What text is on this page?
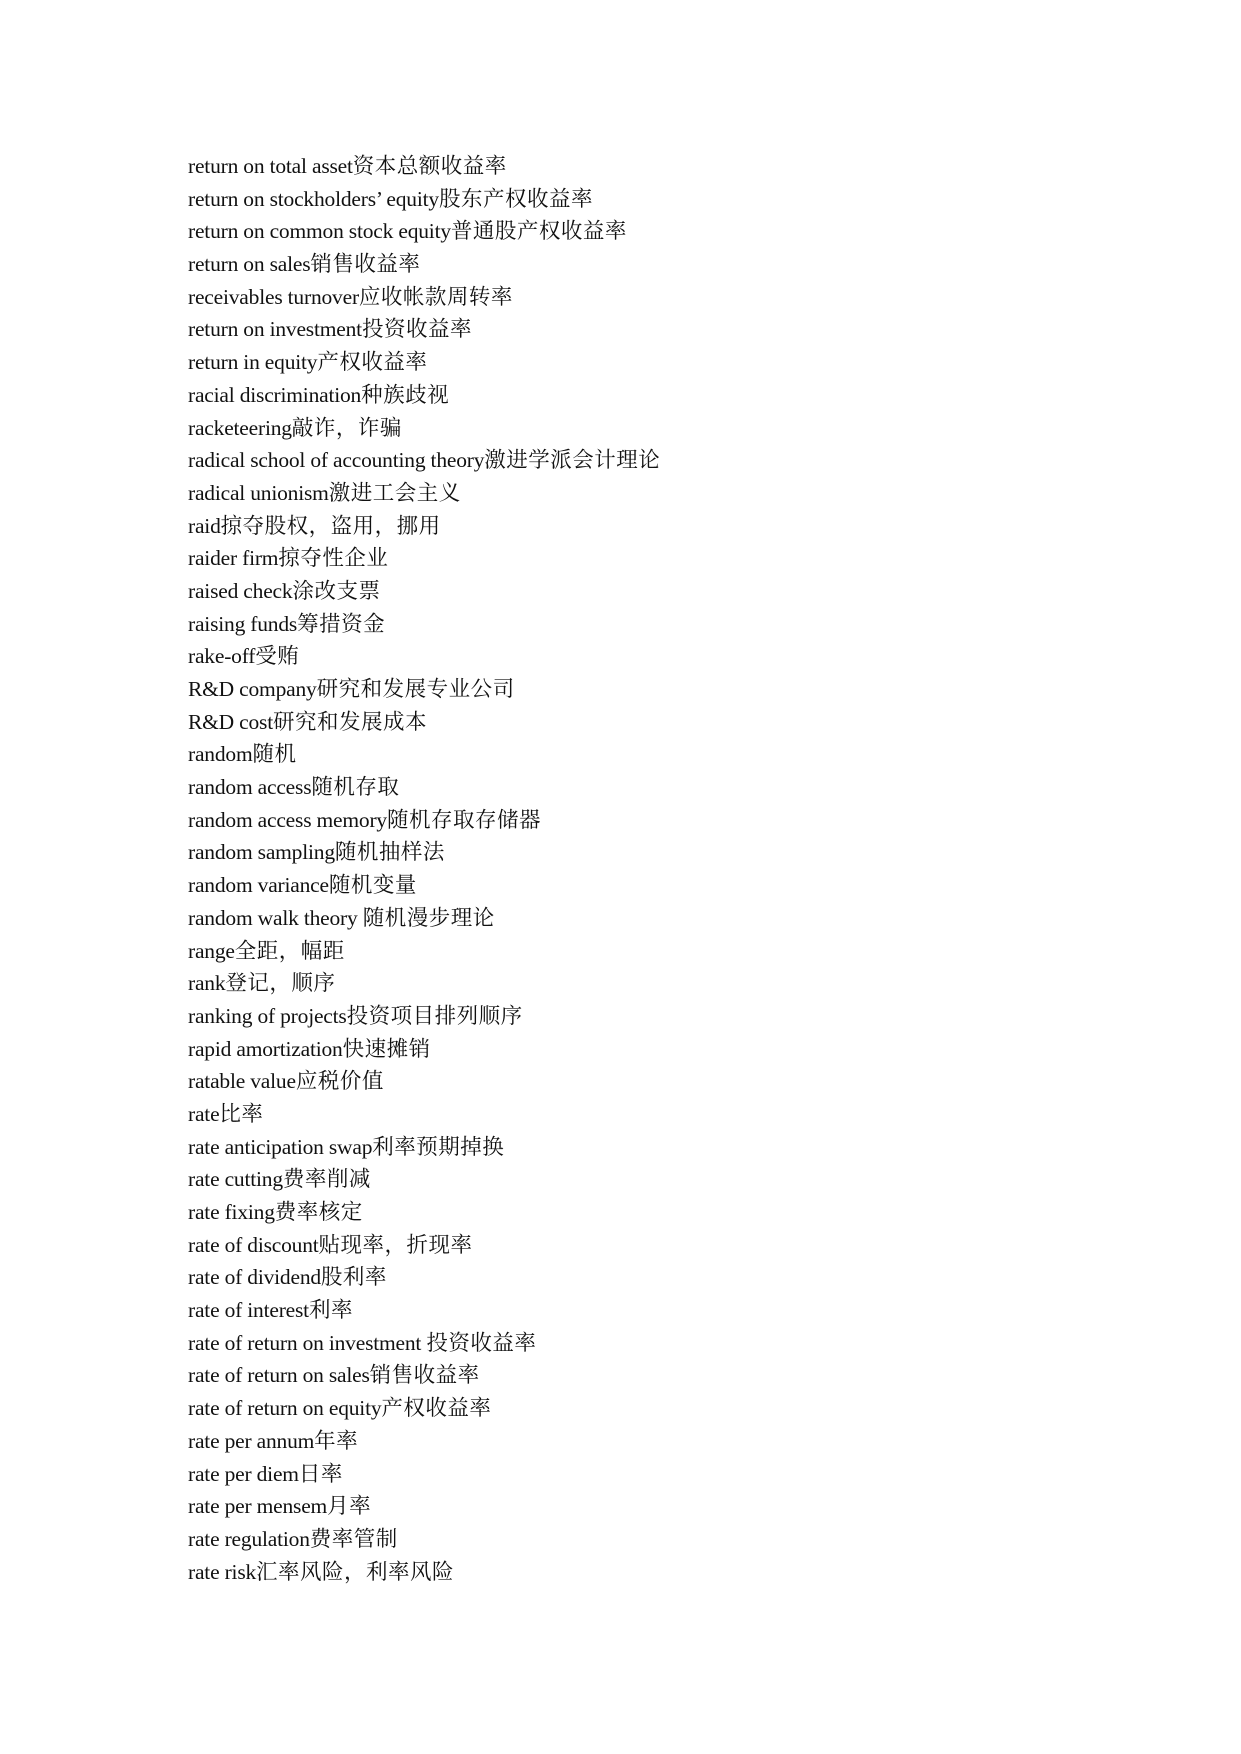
return on total asset资本总额收益率
return on stockholders’ equity股东产权收益率
return on common stock equity普通股产权收益率
return on sales销售收益率
receivables turnover应收帐款周转率
return on investment投资收益率
return in equity产权收益率
racial discrimination种族歧视
racketeering敲诈，诈骗
radical school of accounting theory激进学派会计理论
radical unionism激进工会主义
raid掠夺股权，盗用，挪用
raider firm掠夺性企业
raised check涂改支票
raising funds筹措资金
rake-off受贿
R&D company研究和发展专业公司
R&D cost研究和发展成本
random随机
random access随机存取
random access memory随机存取存储器
random sampling随机抽样法
random variance随机变量
random walk theory 随机漫步理论
range全距，幅距
rank登记，顺序
ranking of projects投资项目排列顺序
rapid amortization快速摊销
ratable value应税价值
rate比率
rate anticipation swap利率预期掉换
rate cutting费率削减
rate fixing费率核定
rate of discount贴现率，折现率
rate of dividend股利率
rate of interest利率
rate of return on investment 投资收益率
rate of return on sales销售收益率
rate of return on equity产权收益率
rate per annum年率
rate per diem日率
rate per mensem月率
rate regulation费率管制
rate risk汇率风险，利率风险
